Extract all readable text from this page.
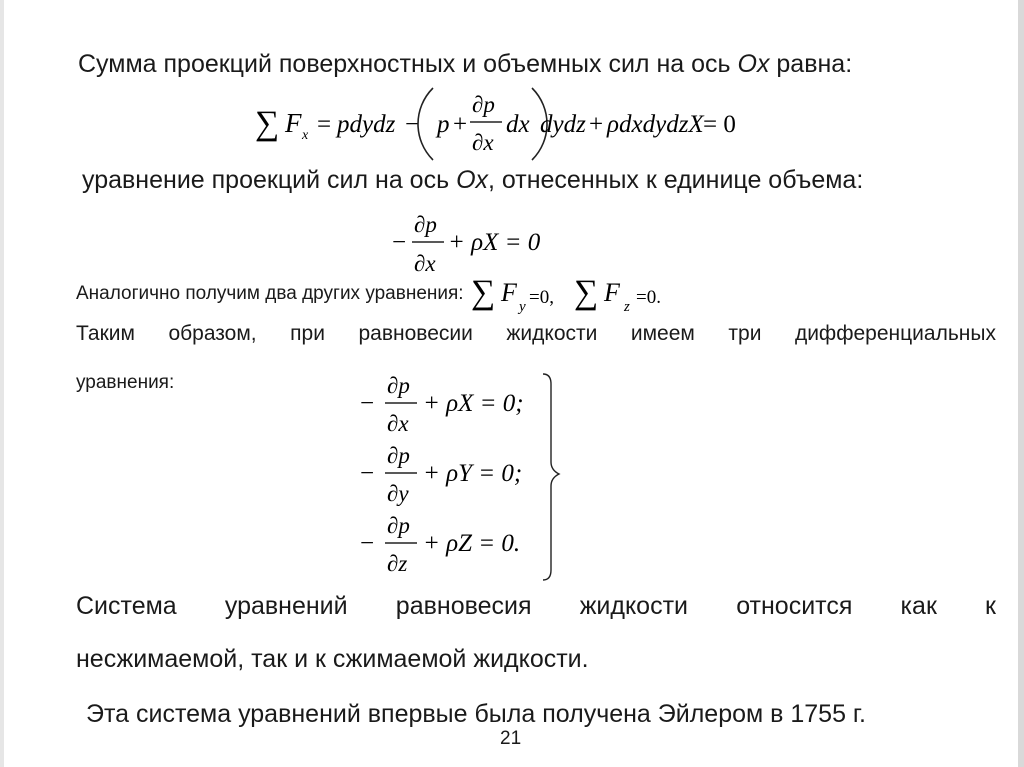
Сумма проекций поверхностных и объемных сил на ось Ox равна:
∑ F x = pdydz − p +
∂p
∂x
dx dydz + ρdxdydzX = 0
уравнение проекций сил на ось Ox, отнесенных к единице объема:
−
∂p
∂x
+ ρX = 0
Аналогично получим два других уравнения: ∑ F y =0,
∑ F z =0.
Таким образом, при равновесии жидкости имеем три дифференциальных
уравнения:
−
∂p
∂x
+ ρX = 0;
−
∂p
∂y
+ ρY = 0;
−
∂p
∂z
+ ρZ = 0.
Система уравнений равновесия жидкости относится как к
несжимаемой, так и к сжимаемой жидкости.
Эта система уравнений впервые была получена Эйлером в 1755 г.
21
